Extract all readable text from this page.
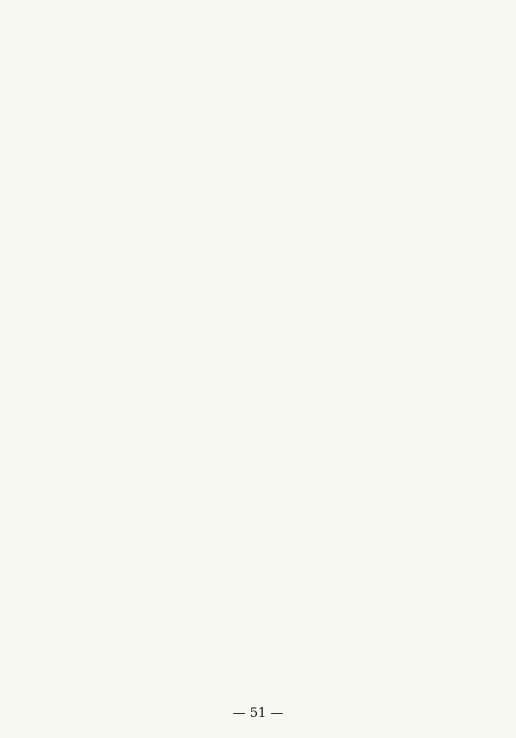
— 51 —
